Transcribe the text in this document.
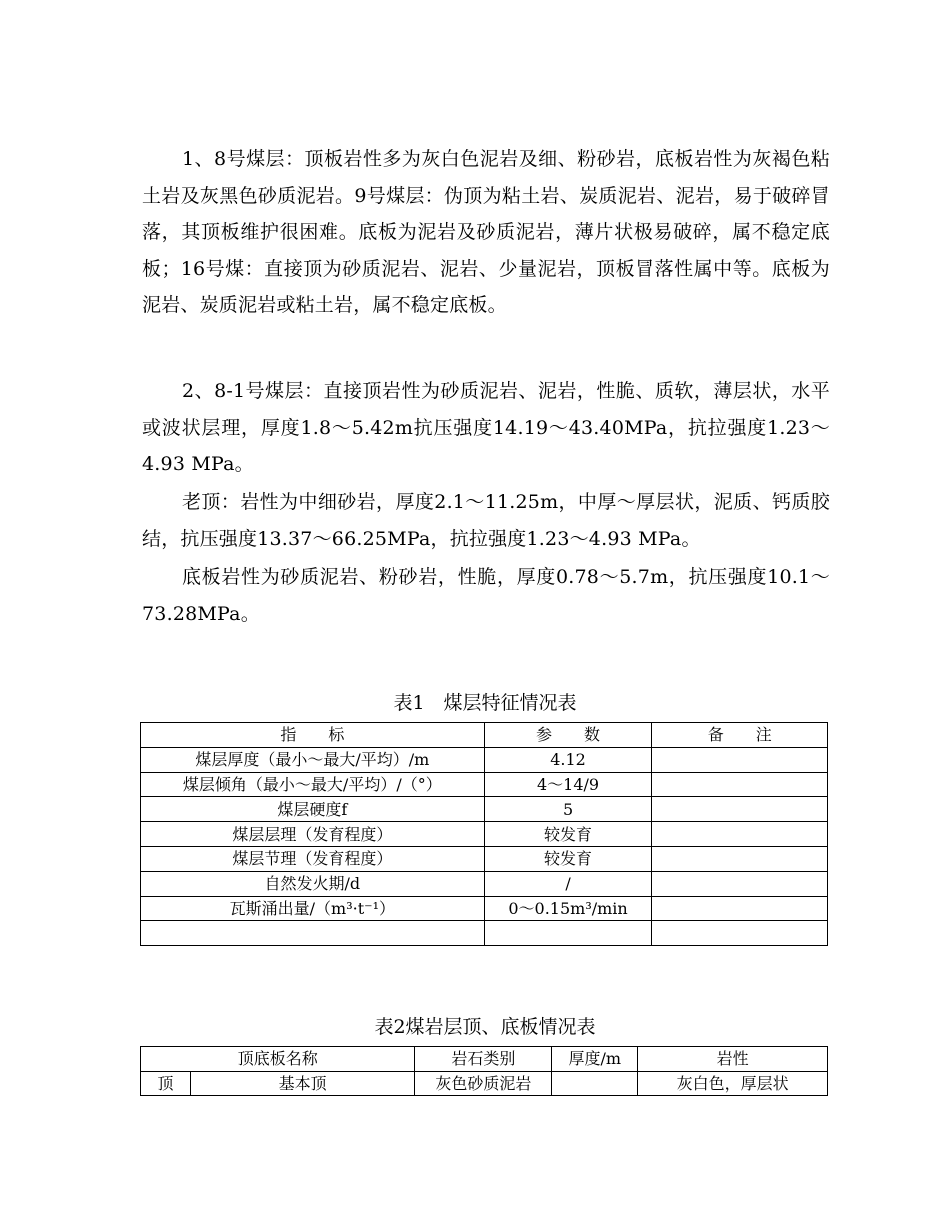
1、8号煤层：顶板岩性多为灰白色泥岩及细、粉砂岩，底板岩性为灰褐色粘土岩及灰黑色砂质泥岩。9号煤层：伪顶为粘土岩、炭质泥岩、泥岩，易于破碎冒落，其顶板维护很困难。底板为泥岩及砂质泥岩，薄片状极易破碎，属不稳定底板；16号煤：直接顶为砂质泥岩、泥岩、少量泥岩，顶板冒落性属中等。底板为泥岩、炭质泥岩或粘土岩，属不稳定底板。

2、8-1号煤层：直接顶岩性为砂质泥岩、泥岩，性脆、质软，薄层状，水平或波状层理，厚度1.8～5.42m抗压强度14.19～43.40MPa，抗拉强度1.23～4.93 MPa。

老顶：岩性为中细砂岩，厚度2.1～11.25m，中厚～厚层状，泥质、钙质胶结，抗压强度13.37～66.25MPa，抗拉强度1.23～4.93 MPa。

底板岩性为砂质泥岩、粉砂岩，性脆，厚度0.78～5.7m，抗压强度10.1～73.28MPa。

表1　煤层特征情况表

指　　标	参　　数	备　　注
煤层厚度（最小～最大/平均）/m	4.12	
煤层倾角（最小～最大/平均）/（°）	4～14/9	
煤层硬度f	5	
煤层层理（发育程度）	较发育	
煤层节理（发育程度）	较发育	
自然发火期/d	/	
瓦斯涌出量/（m³·t⁻¹）	0～0.15m³/min	

表2煤岩层顶、底板情况表

顶底板名称		岩石类别	厚度/m	岩性
顶	基本顶	灰色砂质泥岩		灰白色，厚层状
